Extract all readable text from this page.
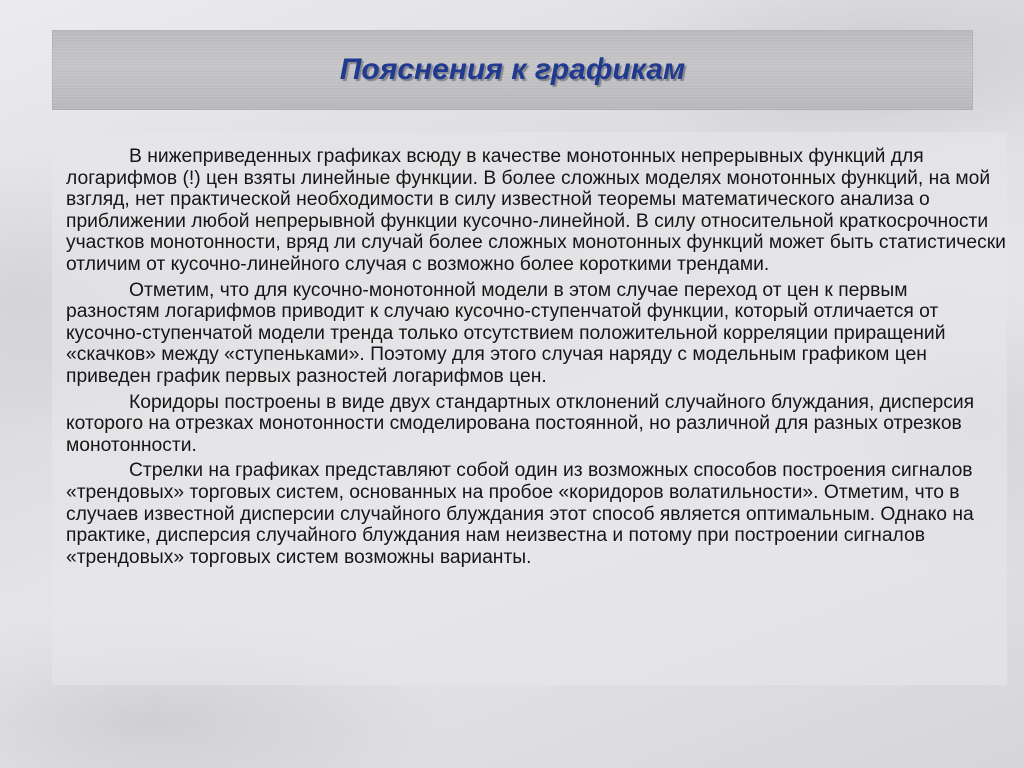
Пояснения к графикам

В нижеприведенных графиках всюду в качестве монотонных непрерывных функций для логарифмов (!) цен взяты линейные функции. В более сложных моделях монотонных функций, на мой взгляд, нет практической необходимости в силу известной теоремы математического анализа о приближении любой непрерывной функции кусочно-линейной. В силу относительной краткосрочности участков монотонности, вряд ли случай более сложных монотонных функций может быть статистически отличим от кусочно-линейного случая с возможно более короткими трендами.

Отметим, что для кусочно-монотонной модели в этом случае переход от цен к первым разностям логарифмов приводит к случаю кусочно-ступенчатой функции, который отличается от кусочно-ступенчатой модели тренда только отсутствием положительной корреляции приращений «скачков» между «ступеньками». Поэтому для этого случая наряду с модельным графиком цен приведен график первых разностей логарифмов цен.

Коридоры построены в виде двух стандартных отклонений случайного блуждания, дисперсия которого на отрезках монотонности смоделирована постоянной, но различной для разных отрезков монотонности.

Стрелки на графиках представляют собой один из возможных способов построения сигналов «трендовых» торговых систем, основанных на пробое «коридоров волатильности». Отметим, что в случаев известной дисперсии случайного блуждания этот способ является оптимальным. Однако на практике, дисперсия случайного блуждания нам неизвестна и потому при построении сигналов «трендовых» торговых систем возможны варианты.
